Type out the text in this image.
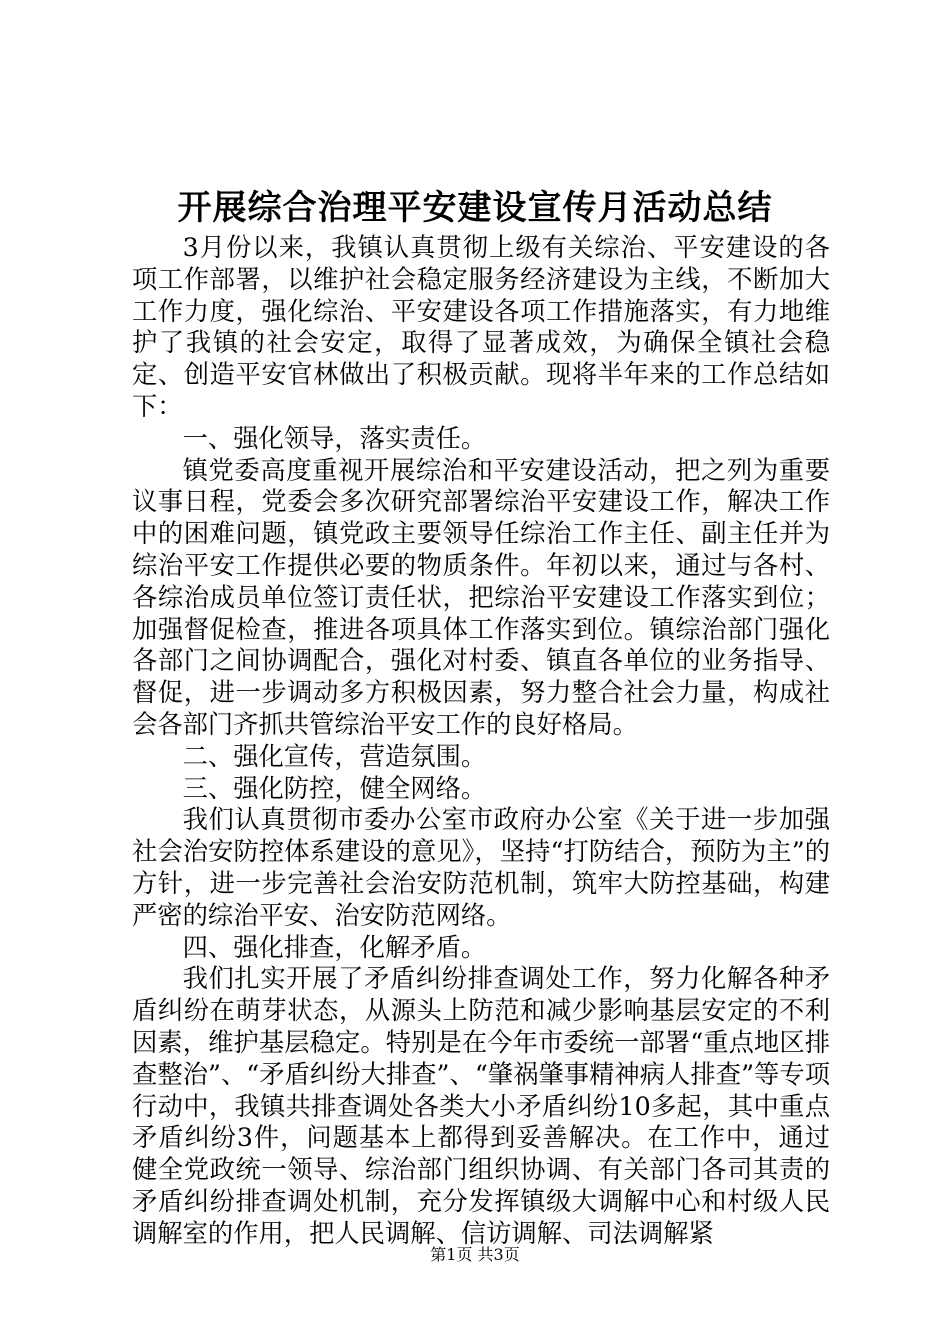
开展综合治理平安建设宣传月活动总结

3月份以来，我镇认真贯彻上级有关综治、平安建设的各项工作部署，以维护社会稳定服务经济建设为主线，不断加大工作力度，强化综治、平安建设各项工作措施落实，有力地维护了我镇的社会安定，取得了显著成效，为确保全镇社会稳定、创造平安官林做出了积极贡献。现将半年来的工作总结如下：

一、强化领导，落实责任。

镇党委高度重视开展综治和平安建设活动，把之列为重要议事日程，党委会多次研究部署综治平安建设工作，解决工作中的困难问题，镇党政主要领导任综治工作主任、副主任并为综治平安工作提供必要的物质条件。年初以来，通过与各村、各综治成员单位签订责任状，把综治平安建设工作落实到位；加强督促检查，推进各项具体工作落实到位。镇综治部门强化各部门之间协调配合，强化对村委、镇直各单位的业务指导、督促，进一步调动多方积极因素，努力整合社会力量，构成社会各部门齐抓共管综治平安工作的良好格局。

二、强化宣传，营造氛围。

三、强化防控，健全网络。

我们认真贯彻市委办公室市政府办公室《关于进一步加强社会治安防控体系建设的意见》，坚持“打防结合，预防为主”的方针，进一步完善社会治安防范机制，筑牢大防控基础，构建严密的综治平安、治安防范网络。

四、强化排查，化解矛盾。

我们扎实开展了矛盾纠纷排查调处工作，努力化解各种矛盾纠纷在萌芽状态，从源头上防范和减少影响基层安定的不利因素，维护基层稳定。特别是在今年市委统一部署“重点地区排查整治”、“矛盾纠纷大排查”、“肇祸肇事精神病人排查”等专项行动中，我镇共排查调处各类大小矛盾纠纷10多起，其中重点矛盾纠纷3件，问题基本上都得到妥善解决。在工作中，通过健全党政统一领导、综治部门组织协调、有关部门各司其责的矛盾纠纷排查调处机制，充分发挥镇级大调解中心和村级人民调解室的作用，把人民调解、信访调解、司法调解紧

第1页 共3页
